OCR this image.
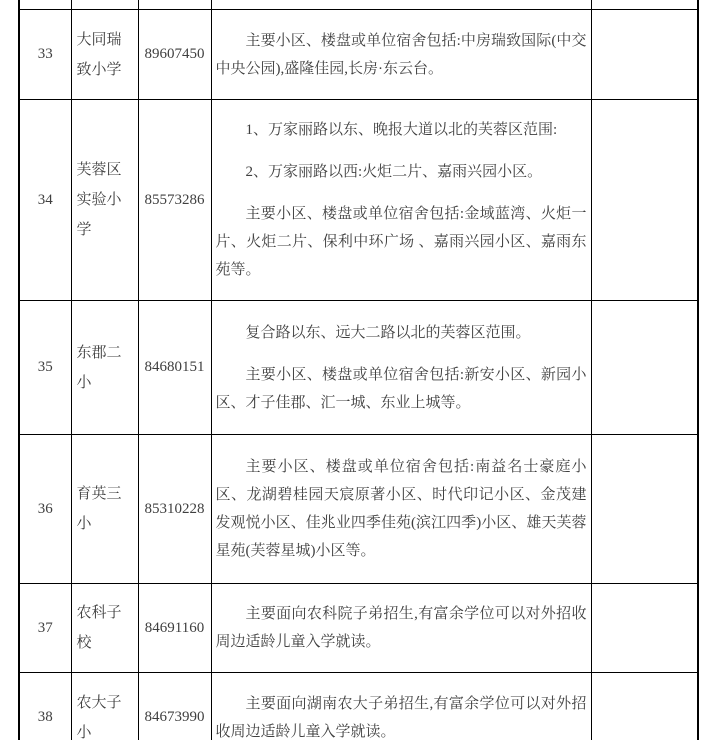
33	大同瑞致小学	89607450	主要小区、楼盘或单位宿舍包括:中房瑞致国际(中交中央公园),盛隆佳园,长房·东云台。	

34	芙蓉区实验小学	85573286	1、万家丽路以东、晚报大道以北的芙蓉区范围:

2、万家丽路以西:火炬二片、嘉雨兴园小区。

主要小区、楼盘或单位宿舍包括:金域蓝湾、火炬一片、火炬二片、保利中环广场 、嘉雨兴园小区、嘉雨东苑等。	

35	东郡二小	84680151	复合路以东、远大二路以北的芙蓉区范围。

主要小区、楼盘或单位宿舍包括:新安小区、新园小区、才子佳郡、汇一城、东业上城等。	

36	育英三小	85310228	主要小区、楼盘或单位宿舍包括:南益名士豪庭小区、龙湖碧桂园天宸原著小区、时代印记小区、金茂建发观悦小区、佳兆业四季佳苑(滨江四季)小区、雄天芙蓉星苑(芙蓉星城)小区等。	

37	农科子校	84691160	主要面向农科院子弟招生,有富余学位可以对外招收周边适龄儿童入学就读。	

38	农大子小	84673990	主要面向湖南农大子弟招生,有富余学位可以对外招收周边适龄儿童入学就读。	
